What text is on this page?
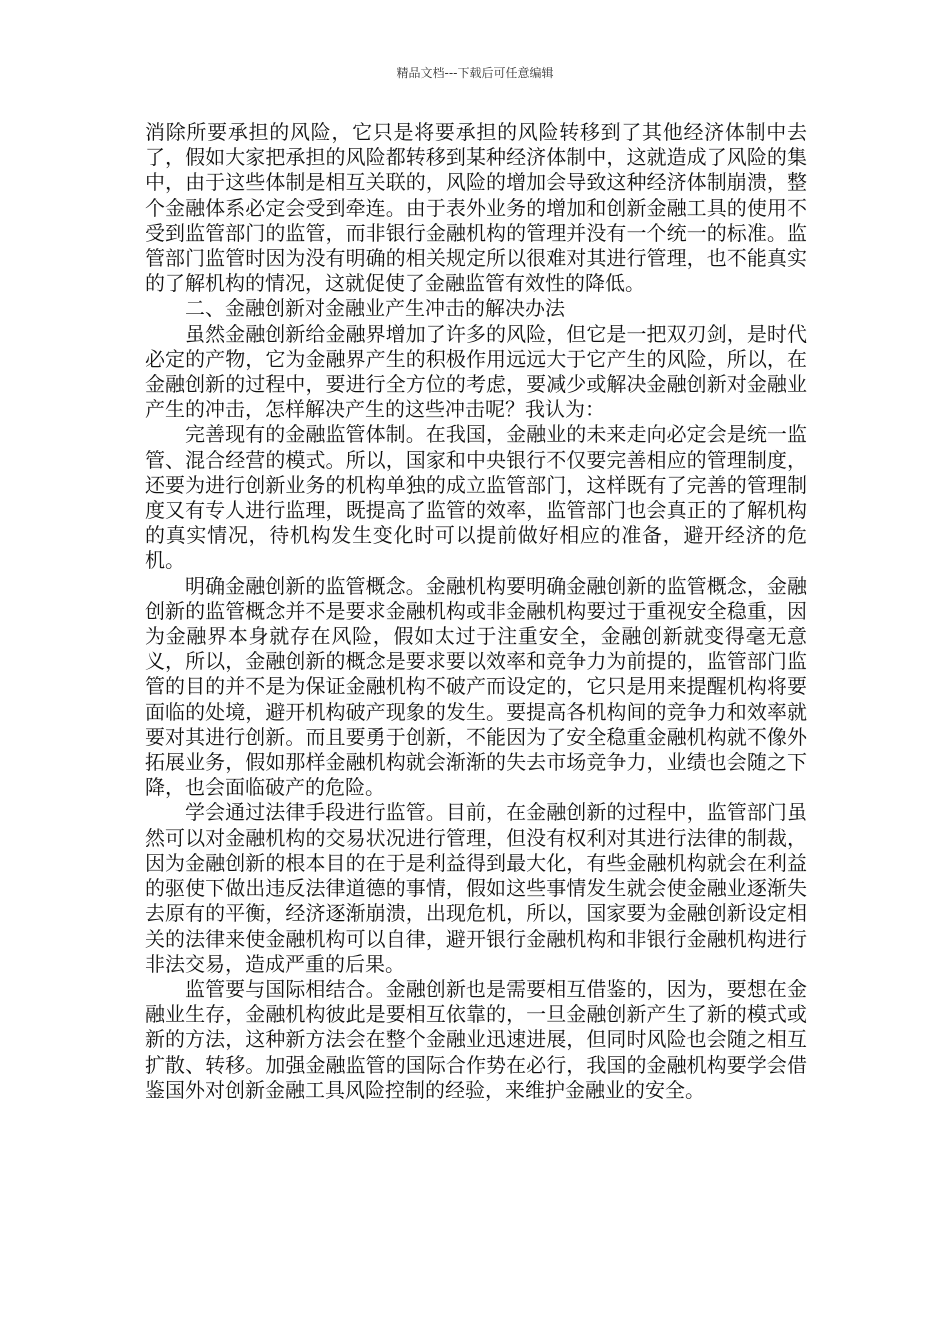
精品文档---下载后可任意编辑

消除所要承担的风险，它只是将要承担的风险转移到了其他经济体制中去了，假如大家把承担的风险都转移到某种经济体制中，这就造成了风险的集中，由于这些体制是相互关联的，风险的增加会导致这种经济体制崩溃，整个金融体系必定会受到牵连。由于表外业务的增加和创新金融工具的使用不受到监管部门的监管，而非银行金融机构的管理并没有一个统一的标准。监管部门监管时因为没有明确的相关规定所以很难对其进行管理，也不能真实的了解机构的情况，这就促使了金融监管有效性的降低。

二、金融创新对金融业产生冲击的解决办法

虽然金融创新给金融界增加了许多的风险，但它是一把双刃剑，是时代必定的产物，它为金融界产生的积极作用远远大于它产生的风险，所以，在金融创新的过程中，要进行全方位的考虑，要减少或解决金融创新对金融业产生的冲击，怎样解决产生的这些冲击呢？我认为：

完善现有的金融监管体制。在我国，金融业的未来走向必定会是统一监管、混合经营的模式。所以，国家和中央银行不仅要完善相应的管理制度，还要为进行创新业务的机构单独的成立监管部门，这样既有了完善的管理制度又有专人进行监理，既提高了监管的效率，监管部门也会真正的了解机构的真实情况，待机构发生变化时可以提前做好相应的准备，避开经济的危机。

明确金融创新的监管概念。金融机构要明确金融创新的监管概念，金融创新的监管概念并不是要求金融机构或非金融机构要过于重视安全稳重，因为金融界本身就存在风险，假如太过于注重安全，金融创新就变得毫无意义，所以，金融创新的概念是要求要以效率和竞争力为前提的，监管部门监管的目的并不是为保证金融机构不破产而设定的，它只是用来提醒机构将要面临的处境，避开机构破产现象的发生。要提高各机构间的竞争力和效率就要对其进行创新。而且要勇于创新，不能因为了安全稳重金融机构就不像外拓展业务，假如那样金融机构就会渐渐的失去市场竞争力，业绩也会随之下降，也会面临破产的危险。

学会通过法律手段进行监管。目前，在金融创新的过程中，监管部门虽然可以对金融机构的交易状况进行管理，但没有权利对其进行法律的制裁，因为金融创新的根本目的在于是利益得到最大化，有些金融机构就会在利益的驱使下做出违反法律道德的事情，假如这些事情发生就会使金融业逐渐失去原有的平衡，经济逐渐崩溃，出现危机，所以，国家要为金融创新设定相关的法律来使金融机构可以自律，避开银行金融机构和非银行金融机构进行非法交易，造成严重的后果。

监管要与国际相结合。金融创新也是需要相互借鉴的，因为，要想在金融业生存，金融机构彼此是要相互依靠的，一旦金融创新产生了新的模式或新的方法，这种新方法会在整个金融业迅速进展，但同时风险也会随之相互扩散、转移。加强金融监管的国际合作势在必行，我国的金融机构要学会借鉴国外对创新金融工具风险控制的经验，来维护金融业的安全。
